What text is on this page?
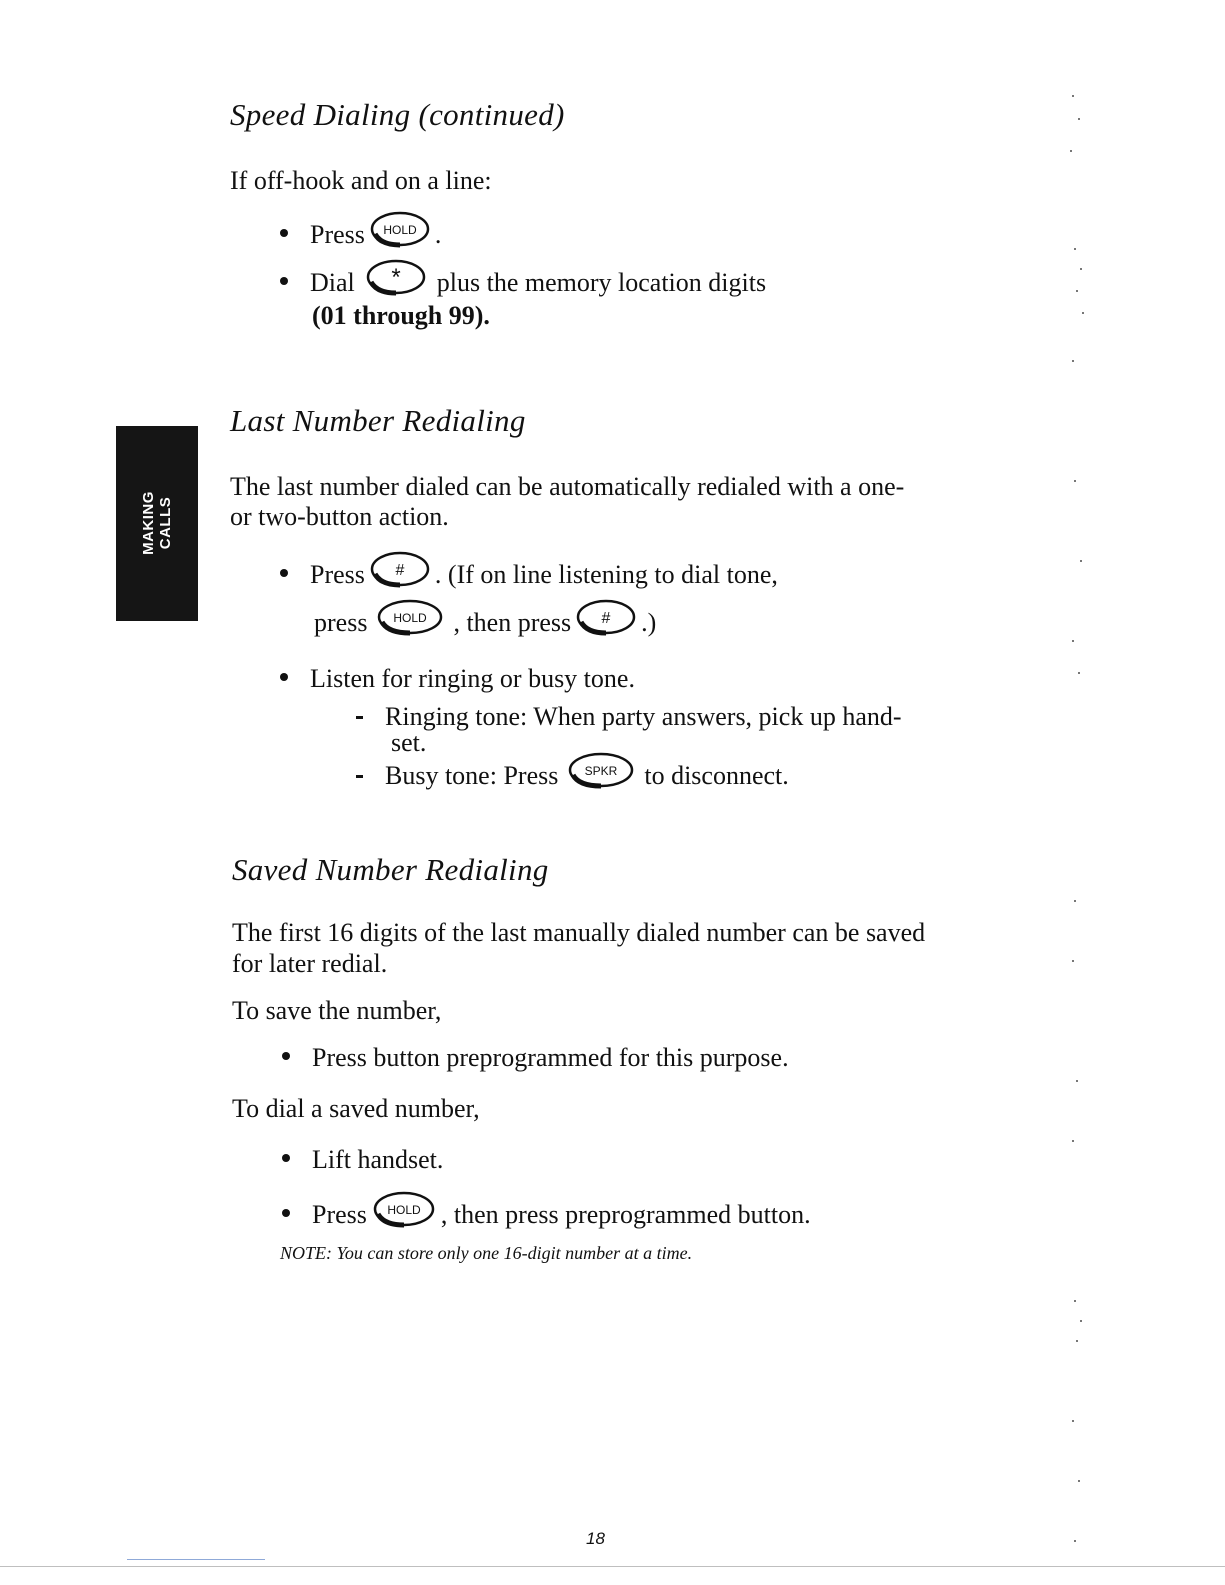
MAKING CALLS
Speed Dialing (continued)
If off-hook and on a line:
Press HOLD .
Dial * plus the memory location digits
(01 through 99).
Last Number Redialing
The last number dialed can be automatically redialed with a one-
or two-button action.
Press # . (If on line listening to dial tone,
press HOLD , then press # .)
Listen for ringing or busy tone.
Ringing tone: When party answers, pick up hand-
set.
Busy tone: Press SPKR to disconnect.
Saved Number Redialing
The first 16 digits of the last manually dialed number can be saved
for later redial.
To save the number,
Press button preprogrammed for this purpose.
To dial a saved number,
Lift handset.
Press HOLD , then press preprogrammed button.
NOTE: You can store only one 16-digit number at a time.
18
